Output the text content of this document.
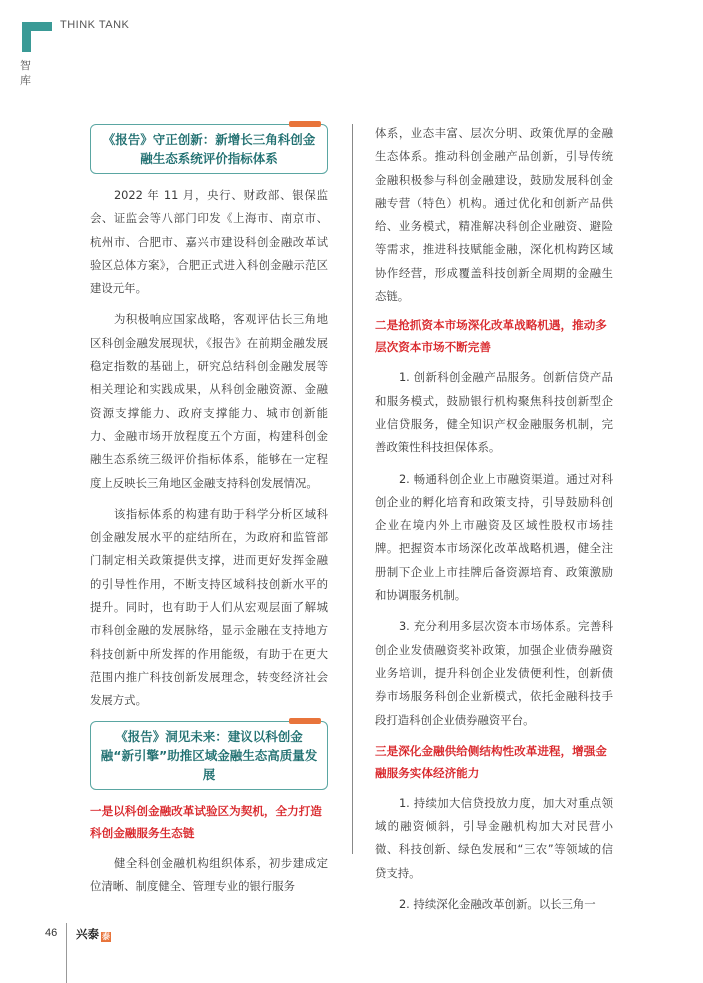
THINK TANK
智库
《报告》守正创新：新增长三角科创金融生态系统评价指标体系

2022 年 11 月，央行、财政部、银保监会、证监会等八部门印发《上海市、南京市、杭州市、合肥市、嘉兴市建设科创金融改革试验区总体方案》，合肥正式进入科创金融示范区建设元年。

为积极响应国家战略，客观评估长三角地区科创金融发展现状，《报告》在前期金融发展稳定指数的基础上，研究总结科创金融发展等相关理论和实践成果，从科创金融资源、金融资源支撑能力、政府支撑能力、城市创新能力、金融市场开放程度五个方面，构建科创金融生态系统三级评价指标体系，能够在一定程度上反映长三角地区金融支持科创发展情况。

该指标体系的构建有助于科学分析区域科创金融发展水平的症结所在，为政府和监管部门制定相关政策提供支撑，进而更好发挥金融的引导性作用，不断支持区域科技创新水平的提升。同时，也有助于人们从宏观层面了解城市科创金融的发展脉络，显示金融在支持地方科技创新中所发挥的作用能级，有助于在更大范围内推广科技创新发展理念，转变经济社会发展方式。

《报告》洞见未来：建议以科创金融“新引擎”助推区域金融生态高质量发展
一是以科创金融改革试验区为契机，全力打造科创金融服务生态链

健全科创金融机构组织体系，初步建成定位清晰、制度健全、管理专业的银行服务

体系，业态丰富、层次分明、政策优厚的金融生态体系。推动科创金融产品创新，引导传统金融积极参与科创金融建设，鼓励发展科创金融专营（特色）机构。通过优化和创新产品供给、业务模式，精准解决科创企业融资、避险等需求，推进科技赋能金融，深化机构跨区域协作经营，形成覆盖科技创新全周期的金融生态链。

二是抢抓资本市场深化改革战略机遇，推动多层次资本市场不断完善

1. 创新科创金融产品服务。创新信贷产品和服务模式，鼓励银行机构聚焦科技创新型企业信贷服务，健全知识产权金融服务机制，完善政策性科技担保体系。

2. 畅通科创企业上市融资渠道。通过对科创企业的孵化培育和政策支持，引导鼓励科创企业在境内外上市融资及区域性股权市场挂牌。把握资本市场深化改革战略机遇，健全注册制下企业上市挂牌后备资源培育、政策激励和协调服务机制。

3. 充分利用多层次资本市场体系。完善科创企业发债融资奖补政策，加强企业债券融资业务培训，提升科创企业发债便利性，创新债券市场服务科创企业新模式，依托金融科技手段打造科创企业债券融资平台。

三是深化金融供给侧结构性改革进程，增强金融服务实体经济能力

1. 持续加大信贷投放力度，加大对重点领域的融资倾斜，引导金融机构加大对民营小微、科技创新、绿色发展和“三农”等领域的信贷支持。

2. 持续深化金融改革创新。以长三角一

46 兴泰 泰
